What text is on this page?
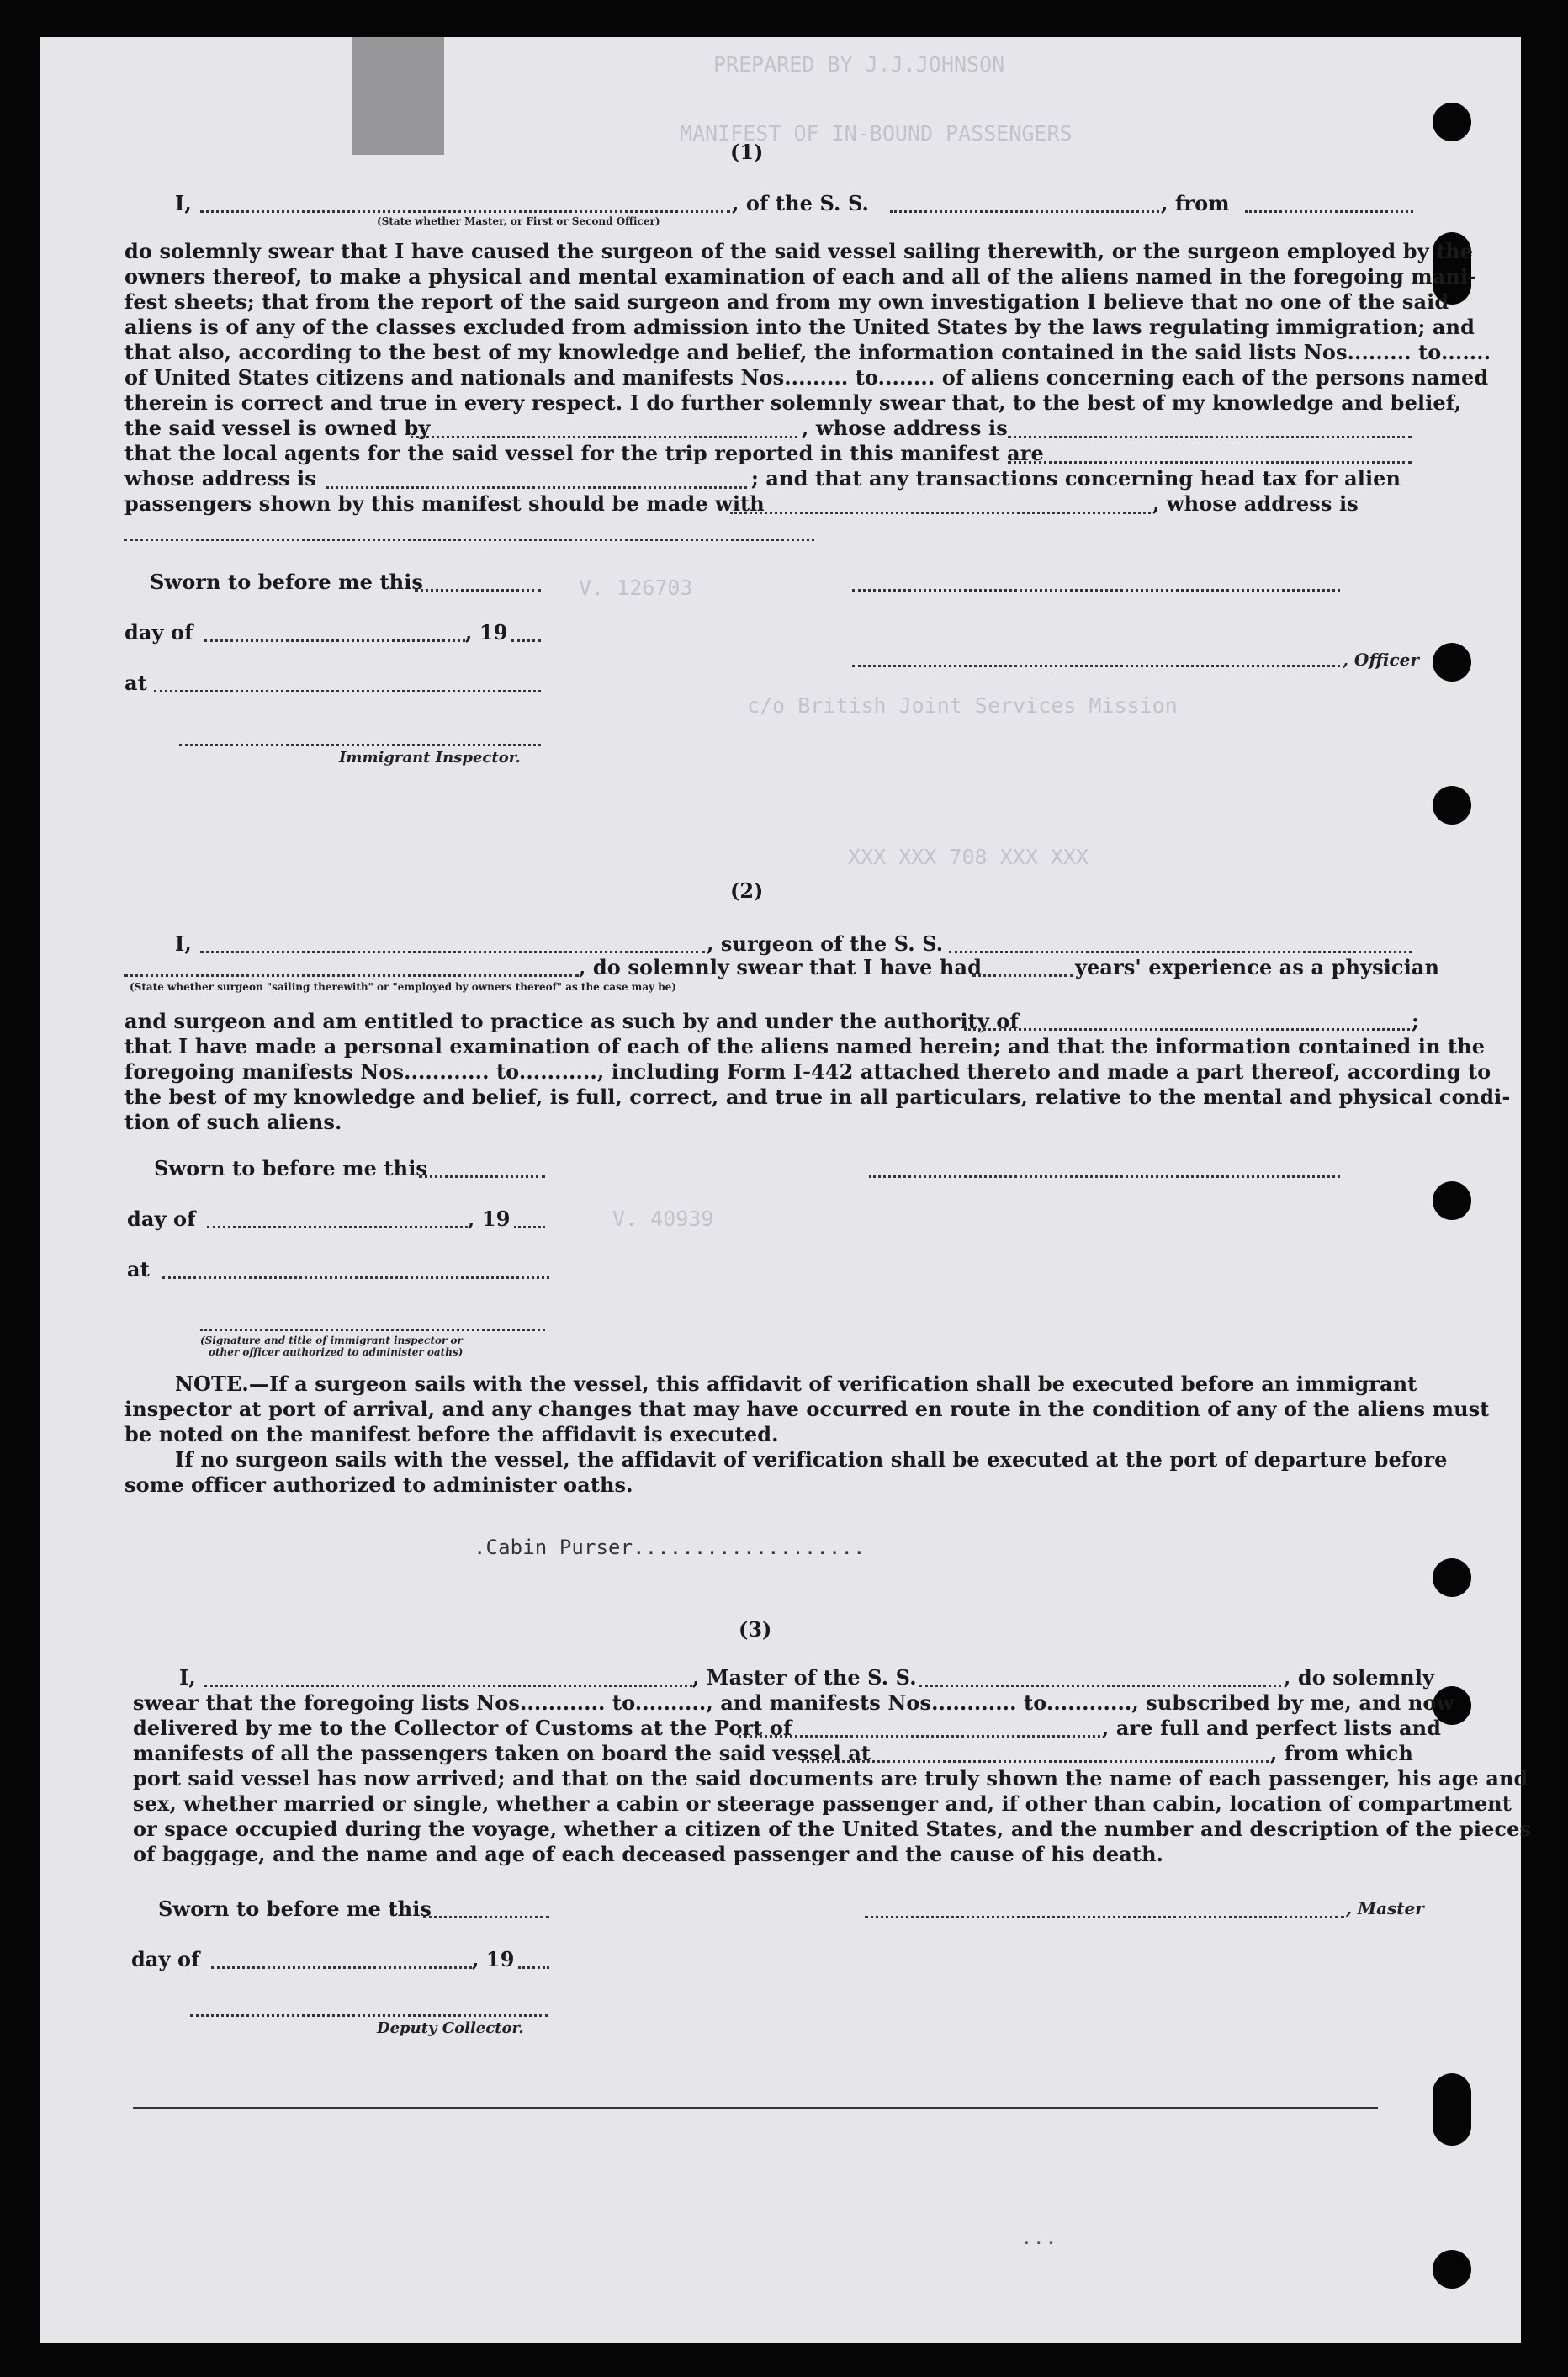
PREPARED BY J.J.JOHNSON
MANIFEST OF IN-BOUND PASSENGERS
V. 126703
c/o British Joint Services Mission
XXX XXX 708 XXX XXX
V. 40939
(1)
I,	, of the S. S.	, from
(State whether Master, or First or Second Officer)
do solemnly swear that I have caused the surgeon of the said vessel sailing therewith, or the surgeon employed by the
owners thereof, to make a physical and mental examination of each and all of the aliens named in the foregoing mani-
fest sheets; that from the report of the said surgeon and from my own investigation I believe that no one of the said
aliens is of any of the classes excluded from admission into the United States by the laws regulating immigration; and
that also, according to the best of my knowledge and belief, the information contained in the said lists Nos......... to.......
of United States citizens and nationals and manifests Nos......... to........ of aliens concerning each of the persons named
therein is correct and true in every respect. I do further solemnly swear that, to the best of my knowledge and belief,
the said vessel is owned by	, whose address is
that the local agents for the said vessel for the trip reported in this manifest are
whose address is	; and that any transactions concerning head tax for alien
passengers shown by this manifest should be made with	, whose address is
Sworn to before me this
day of	, 19
, Officer
at
Immigrant Inspector.
(2)
I,	, surgeon of the S. S.
, do solemnly swear that I have had	years' experience as a physician
(State whether surgeon "sailing therewith" or "employed by owners thereof" as the case may be)
and surgeon and am entitled to practice as such by and under the authority of	;
that I have made a personal examination of each of the aliens named herein; and that the information contained in the
foregoing manifests Nos............ to..........., including Form I-442 attached thereto and made a part thereof, according to
the best of my knowledge and belief, is full, correct, and true in all particulars, relative to the mental and physical condi-
tion of such aliens.
Sworn to before me this
day of	, 19
at
(Signature and title of immigrant inspector or
other officer authorized to administer oaths)
NOTE.—If a surgeon sails with the vessel, this affidavit of verification shall be executed before an immigrant
inspector at port of arrival, and any changes that may have occurred en route in the condition of any of the aliens must
be noted on the manifest before the affidavit is executed.
If no surgeon sails with the vessel, the affidavit of verification shall be executed at the port of departure before
some officer authorized to administer oaths.
.Cabin Purser...................
(3)
I,	, Master of the S. S.	, do solemnly
swear that the foregoing lists Nos............ to.........., and manifests Nos............ to............, subscribed by me, and now
delivered by me to the Collector of Customs at the Port of	, are full and perfect lists and
manifests of all the passengers taken on board the said vessel at	, from which
port said vessel has now arrived; and that on the said documents are truly shown the name of each passenger, his age and
sex, whether married or single, whether a cabin or steerage passenger and, if other than cabin, location of compartment
or space occupied during the voyage, whether a citizen of the United States, and the number and description of the pieces
of baggage, and the name and age of each deceased passenger and the cause of his death.
Sworn to before me this	, Master
day of	, 19
Deputy Collector.
...
